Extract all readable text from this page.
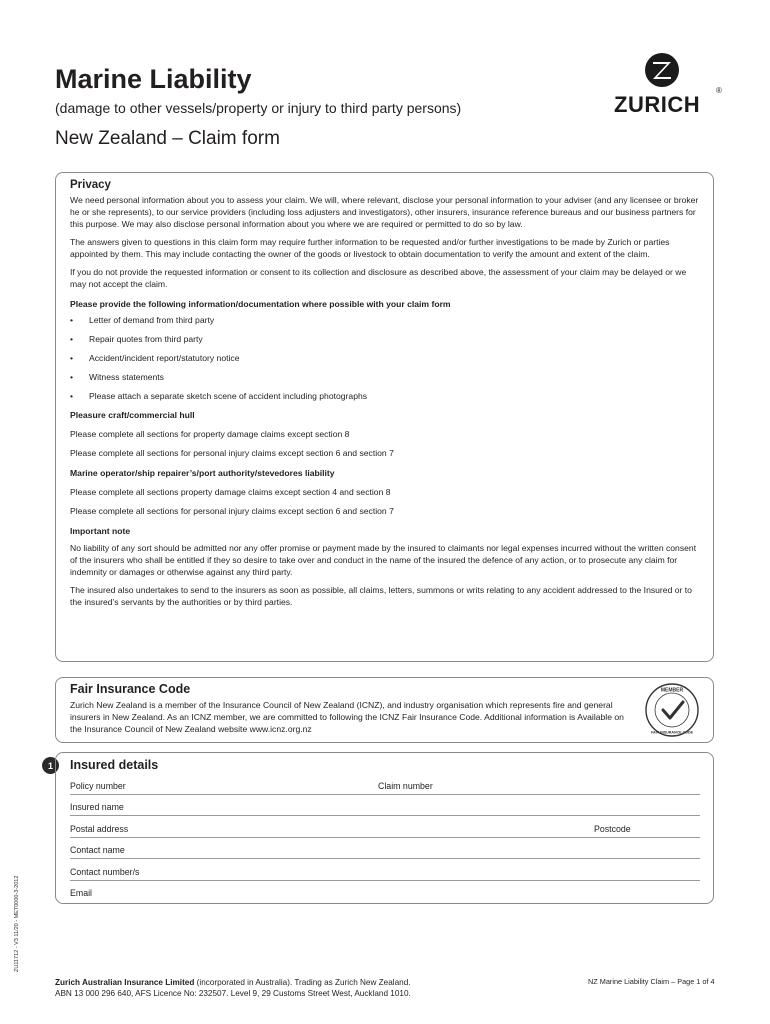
Marine Liability
(damage to other vessels/property or injury to third party persons)
New Zealand – Claim form
ZURICH
®
Privacy

We need personal information about you to assess your claim. We will, where relevant, disclose your personal information to your adviser (and any licensee or broker he or she represents), to our service providers (including loss adjusters and investigators), other insurers, insurance reference bureaus and our business partners for this purpose. We may also disclose personal information about you where we are required or permitted to do so by law.

The answers given to questions in this claim form may require further information to be requested and/or further investigations to be made by Zurich or parties appointed by them. This may include contacting the owner of the goods or livestock to obtain documentation to verify the amount and extent of the claim.

If you do not provide the requested information or consent to its collection and disclosure as described above, the assessment of your claim may be delayed or we may not accept the claim.

Please provide the following information/documentation where possible with your claim form
• Letter of demand from third party
• Repair quotes from third party
• Accident/incident report/statutory notice
• Witness statements
• Please attach a separate sketch scene of accident including photographs
Pleasure craft/commercial hull
Please complete all sections for property damage claims except section 8
Please complete all sections for personal injury claims except section 6 and section 7
Marine operator/ship repairer’s/port authority/stevedores liability
Please complete all sections property damage claims except section 4 and section 8
Please complete all sections for personal injury claims except section 6 and section 7
Important note

No liability of any sort should be admitted nor any offer promise or payment made by the insured to claimants nor legal expenses incurred without the written consent of the insurers who shall be entitled if they so desire to take over and conduct in the name of the insured the defence of any action, or to prosecute any claim for indemnity or damages or otherwise against any third party.

The insured also undertakes to send to the insurers as soon as possible, all claims, letters, summons or writs relating to any accident addressed to the Insured or to the insured’s servants by the authorities or by third parties.

Fair Insurance Code

Zurich New Zealand is a member of the Insurance Council of New Zealand (ICNZ), and industry organisation which represents fire and general insurers in New Zealand. As an ICNZ member, we are committed to following the ICNZ Fair Insurance Code. Additional information is Available on the Insurance Council of New Zealand website www.icnz.org.nz

MEMBER
FAIR INSURANCE CODE
1	Insured details
Policy number	Claim number
Insured name
Postal address	Postcode
Contact name
Contact number/s
Email
ZU11712 - V3 11/20 - MET0000-3-2012
Zurich Australian Insurance Limited (incorporated in Australia). Trading as Zurich New Zealand.
ABN 13 000 296 640, AFS Licence No: 232507. Level 9, 29 Customs Street West, Auckland 1010.
NZ Marine Liability Claim – Page 1 of 4
